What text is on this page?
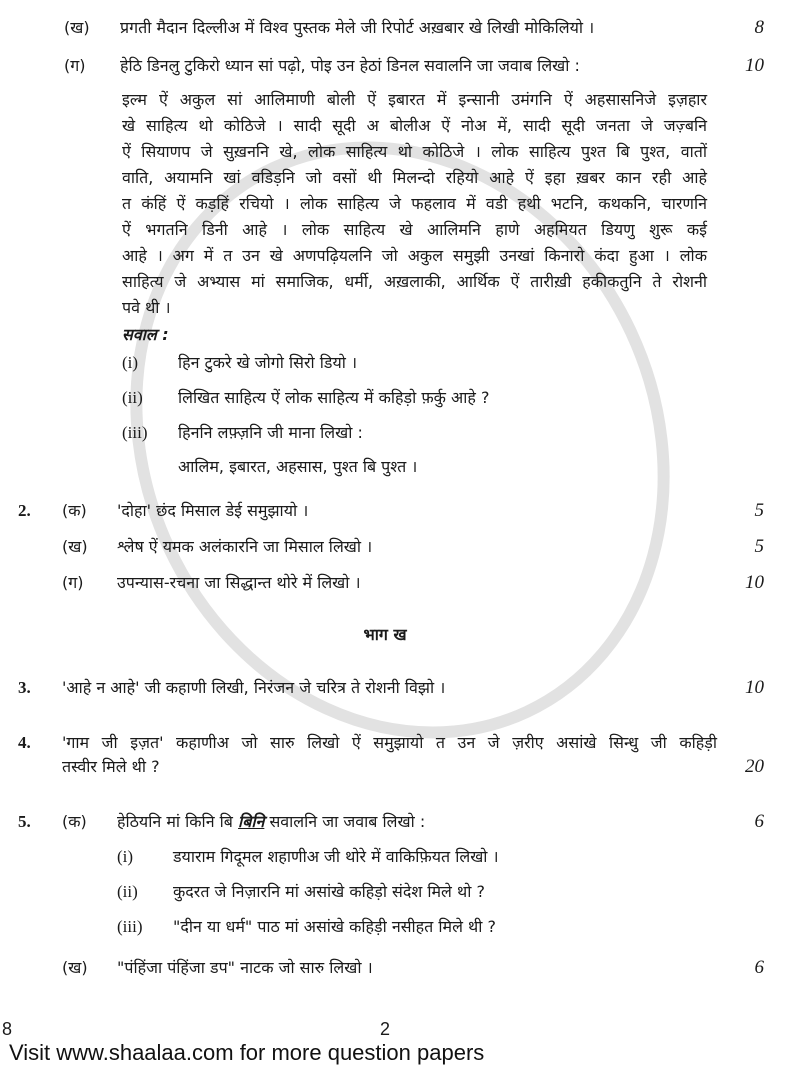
(ख)	प्रगती मैदान दिल्लीअ में विश्व पुस्तक मेले जी रिपोर्ट अख़बार खे लिखी मोकिलियो ।	8
(ग)	हेठि डिनलु टुकिरो ध्यान सां पढ़ो, पोइ उन हेठां डिनल सवालनि जा जवाब लिखो :	10
इल्म ऐं अकुल सां आलिमाणी बोली ऐं इबारत में इन्सानी उमंगनि ऐं अहसासनिजे इज़हार
खे साहित्य थो कोठिजे । सादी सूदी अ बोलीअ ऐं नोअ में, सादी सूदी जनता जे जज़्बनि
ऐं सियाणप जे सुख़ननि खे, लोक साहित्य थो कोठिजे । लोक साहित्य पुश्त बि पुश्त, वातों
वाति, अयामनि खां वडिड़नि जो वसों थी मिलन्दो रहियो आहे ऐं इहा ख़बर कान रही आहे
त कंहिं ऐं कड़हिं रचियो । लोक साहित्य जे फहलाव में वडी हथी भटनि, कथकनि, चारणनि
ऐं भगतनि डिनी आहे । लोक साहित्य खे आलिमनि हाणे अहमियत डियणु शुरू कई
आहे । अग में त उन खे अणपढ़ियलनि जो अकुल समुझी उनखां किनारो कंदा हुआ । लोक
साहित्य जे अभ्यास मां समाजिक, धर्मी, अख़लाकी, आर्थिक ऐं तारीख़ी हकीकतुनि ते रोशनी
पवे थी ।
सवाल :
(i)	हिन टुकरे खे जोगो सिरो डियो ।
(ii)	लिखित साहित्य ऐं लोक साहित्य में कहिड़ो फ़र्कु आहे ?
(iii)	हिननि लफ़्ज़नि जी माना लिखो :
आलिम, इबारत, अहसास, पुश्त बि पुश्त ।
2.	(क)	'दोहा' छंद मिसाल डेई समुझायो ।	5
(ख)	श्लेष ऐं यमक अलंकारनि जा मिसाल लिखो ।	5
(ग)	उपन्यास-रचना जा सिद्धान्त थोरे में लिखो ।	10
भाग ख
3.	'आहे न आहे' जी कहाणी लिखी, निरंजन जे चरित्र ते रोशनी विझो ।	10
4.	'गाम जी इज़त' कहाणीअ जो सारु लिखो ऐं समुझायो त उन जे ज़रीए असांखे सिन्धु जी कहिड़ी
तस्वीर मिले थी ?	20
5.	(क)	हेठियनि मां किनि बि बिनि सवालनि जा जवाब लिखो :	6
(i)	डयाराम गिदूमल शहाणीअ जी थोरे में वाकिफ़ियत लिखो ।
(ii)	कुदरत जे निज़ारनि मां असांखे कहिड़ो संदेश मिले थो ?
(iii)	"दीन या धर्म" पाठ मां असांखे कहिड़ी नसीहत मिले थी ?
(ख)	"पंहिंजा पंहिंजा डप" नाटक जो सारु लिखो ।	6
8	2
Visit www.shaalaa.com for more question papers
